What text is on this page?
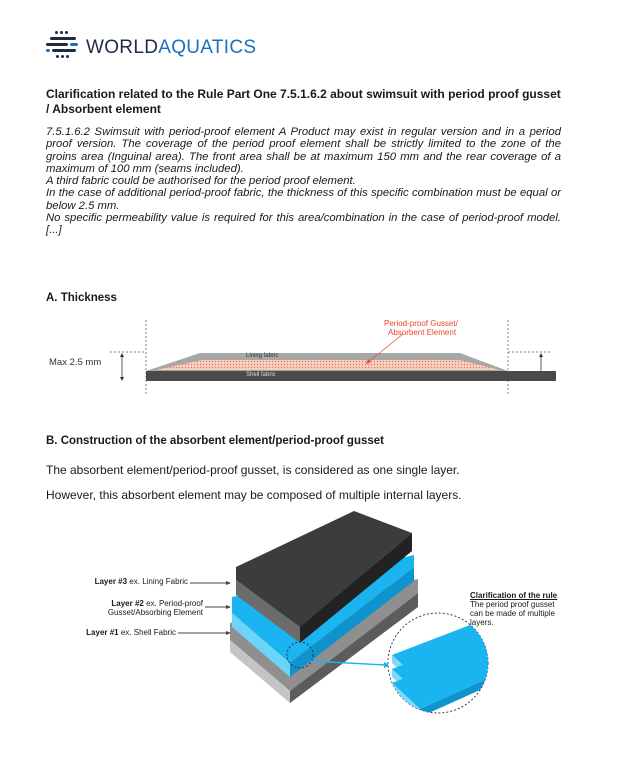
WORLDAQUATICS
Clarification related to the Rule Part One 7.5.1.6.2 about swimsuit with period proof gusset / Absorbent element

7.5.1.6.2 Swimsuit with period-proof element A Product may exist in regular version and in a period proof version. The coverage of the period proof element shall be strictly limited to the zone of the groins area (Inguinal area). The front area shall be at maximum 150 mm and the rear coverage of a maximum of 100 mm (seams included).

A third fabric could be authorised for the period proof element.

In the case of additional period-proof fabric, the thickness of this specific combination must be equal or below 2.5 mm.

No specific permeability value is required for this area/combination in the case of period-proof model. [...]

A. Thickness
Max 2.5 mm
Period-proof Gusset/
Absorbent Element
Lining fabric
Shell fabric
B. Construction of the absorbent element/period-proof gusset
The absorbent element/period-proof gusset, is considered as one single layer.
However, this absorbent element may be composed of multiple internal layers.
Layer #3 ex. Lining Fabric
Layer #2 ex. Period-proof
Gusset/Absorbing Element
Layer #1 ex. Shell Fabric
Clarification of the rule
The period proof gusset
can be made of multiple
layers.
